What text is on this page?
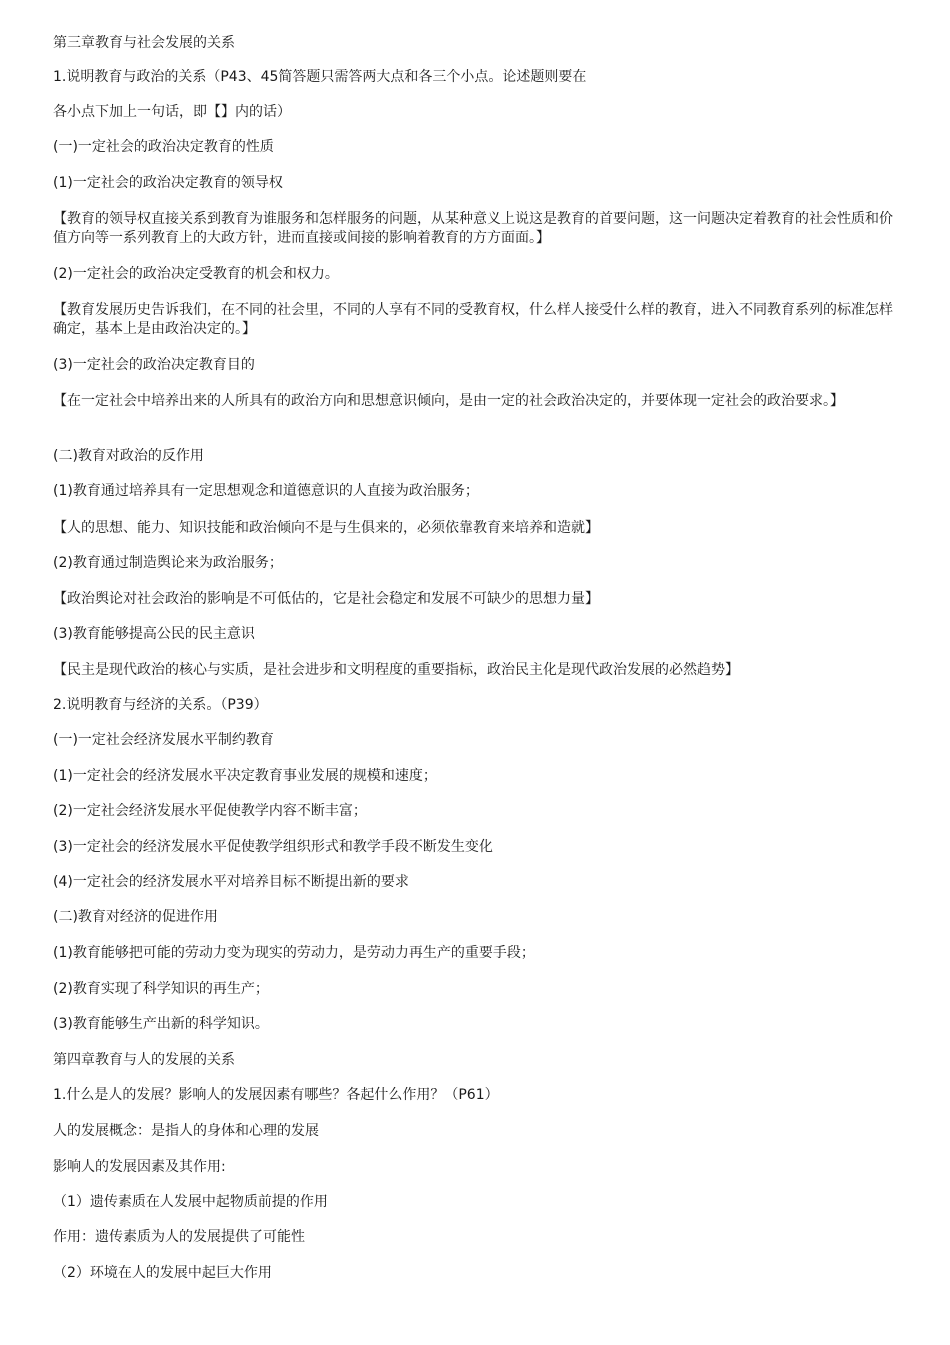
第三章教育与社会发展的关系
1.说明教育与政治的关系（P43、45简答题只需答两大点和各三个小点。论述题则要在
各小点下加上一句话，即【】内的话）
(一)一定社会的政治决定教育的性质
(1)一定社会的政治决定教育的领导权
【教育的领导权直接关系到教育为谁服务和怎样服务的问题，从某种意义上说这是教育的首要问题，这一问题决定着教育的社会性质和价值方向等一系列教育上的大政方针，进而直接或间接的影响着教育的方方面面。】
(2)一定社会的政治决定受教育的机会和权力。
【教育发展历史告诉我们，在不同的社会里，不同的人享有不同的受教育权，什么样人接受什么样的教育，进入不同教育系列的标准怎样确定，基本上是由政治决定的。】
(3)一定社会的政治决定教育目的
【在一定社会中培养出来的人所具有的政治方向和思想意识倾向，是由一定的社会政治决定的，并要体现一定社会的政治要求。】
(二)教育对政治的反作用
(1)教育通过培养具有一定思想观念和道德意识的人直接为政治服务；
【人的思想、能力、知识技能和政治倾向不是与生俱来的，必须依靠教育来培养和造就】
(2)教育通过制造舆论来为政治服务；
【政治舆论对社会政治的影响是不可低估的，它是社会稳定和发展不可缺少的思想力量】
(3)教育能够提高公民的民主意识
【民主是现代政治的核心与实质，是社会进步和文明程度的重要指标，政治民主化是现代政治发展的必然趋势】
2.说明教育与经济的关系。（P39）
(一)一定社会经济发展水平制约教育
(1)一定社会的经济发展水平决定教育事业发展的规模和速度；
(2)一定社会经济发展水平促使教学内容不断丰富；
(3)一定社会的经济发展水平促使教学组织形式和教学手段不断发生变化
(4)一定社会的经济发展水平对培养目标不断提出新的要求
(二)教育对经济的促进作用
(1)教育能够把可能的劳动力变为现实的劳动力，是劳动力再生产的重要手段；
(2)教育实现了科学知识的再生产；
(3)教育能够生产出新的科学知识。
第四章教育与人的发展的关系
1.什么是人的发展？影响人的发展因素有哪些？各起什么作用？（P61）
人的发展概念：是指人的身体和心理的发展
影响人的发展因素及其作用:
（1）遗传素质在人发展中起物质前提的作用
作用：遗传素质为人的发展提供了可能性
（2）环境在人的发展中起巨大作用
